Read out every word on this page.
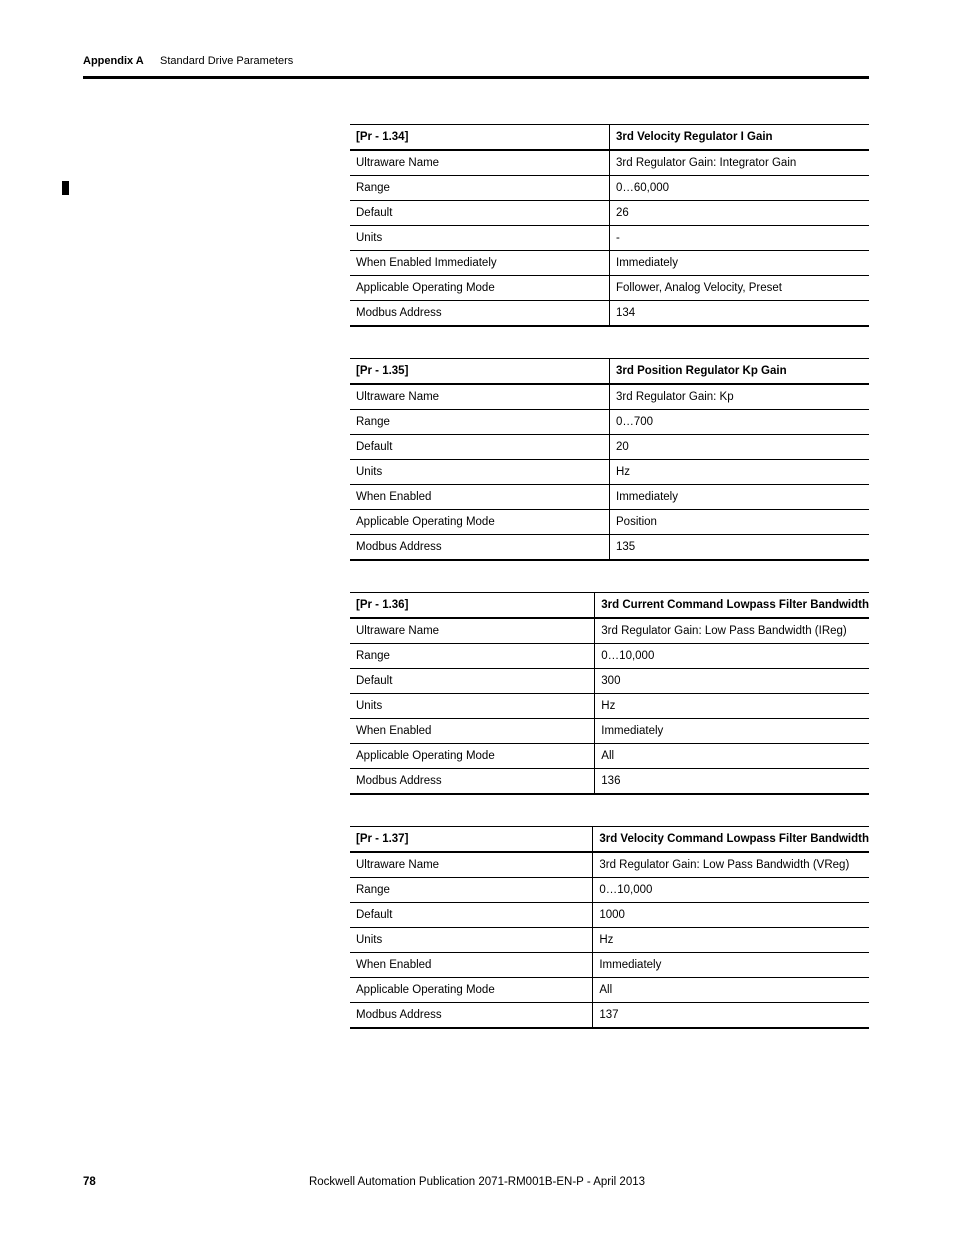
Appendix A Standard Drive Parameters
[Pr - 1.34]	3rd Velocity Regulator I Gain
Ultraware Name	3rd Regulator Gain: Integrator Gain
Range	0…60,000
Default	26
Units	-
When Enabled Immediately	Immediately
Applicable Operating Mode	Follower, Analog Velocity, Preset
Modbus Address	134
[Pr - 1.35]	3rd Position Regulator Kp Gain
Ultraware Name	3rd Regulator Gain: Kp
Range	0…700
Default	20
Units	Hz
When Enabled	Immediately
Applicable Operating Mode	Position
Modbus Address	135
[Pr - 1.36]	3rd Current Command Lowpass Filter Bandwidth
Ultraware Name	3rd Regulator Gain: Low Pass Bandwidth (IReg)
Range	0…10,000
Default	300
Units	Hz
When Enabled	Immediately
Applicable Operating Mode	All
Modbus Address	136
[Pr - 1.37]	3rd Velocity Command Lowpass Filter Bandwidth
Ultraware Name	3rd Regulator Gain: Low Pass Bandwidth (VReg)
Range	0…10,000
Default	1000
Units	Hz
When Enabled	Immediately
Applicable Operating Mode	All
Modbus Address	137
Rockwell Automation Publication 2071-RM001B-EN-P - April 2013
78
